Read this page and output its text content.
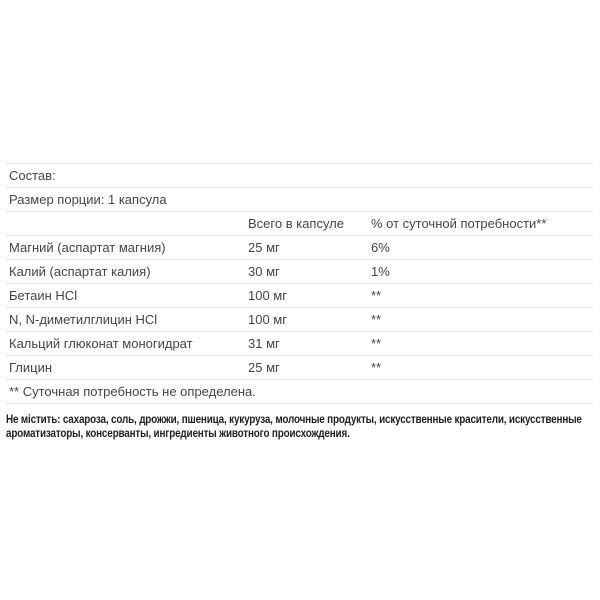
Состав:		
Размер порции: 1 капсула		
	Всего в капсуле	% от суточной потребности**
Магний (аспартат магния)	25 мг	6%
Калий (аспартат калия)	30 мг	1%
Бетаин HCl	100 мг	**
N, N-диметилглицин HCl	100 мг	**
Кальций глюконат моногидрат	31 мг	**
Глицин	25 мг	**
** Суточная потребность не определена.		
Не містить: сахароза, соль, дрожжи, пшеница, кукуруза, молочные продукты, искусственные красители, искусственные ароматизаторы, консерванты, ингредиенты животного происхождения.
